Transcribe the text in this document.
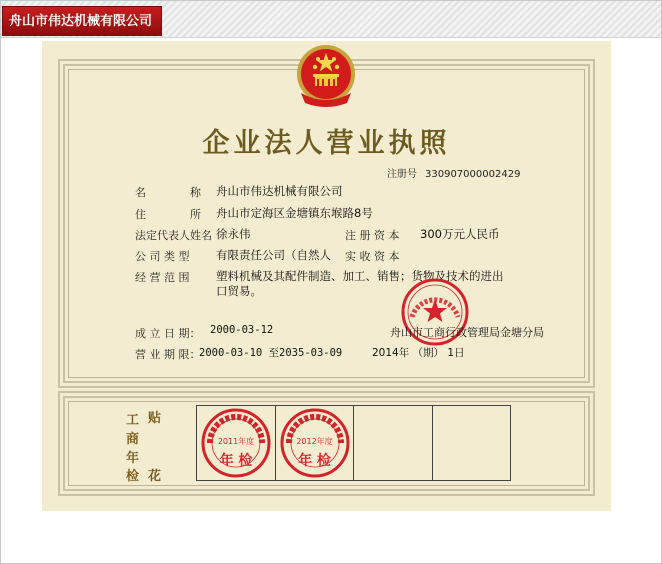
舟山市伟达机械有限公司
企业法人营业执照
注册号 330907000002429
名　　　　称 舟山市伟达机械有限公司
住　　　　所 舟山市定海区金塘镇东堠路8号
法定代表人姓名 徐永伟	注 册 资 本 300万元人民币
公 司 类 型 有限责任公司（自然人 实 收 资 本
经 营 范 围 塑料机械及其配件制造、加工、销售；货物及技术的进出
口贸易。
成 立 日 期： 2000-03-12
营 业 期 限：
2000-03-10 至2035-03-09
舟山市工商行政管理局金塘分局
2014年 （期） 1日
工
商
年
检
贴
花
2011年度
年 检
2012年度
年 检
